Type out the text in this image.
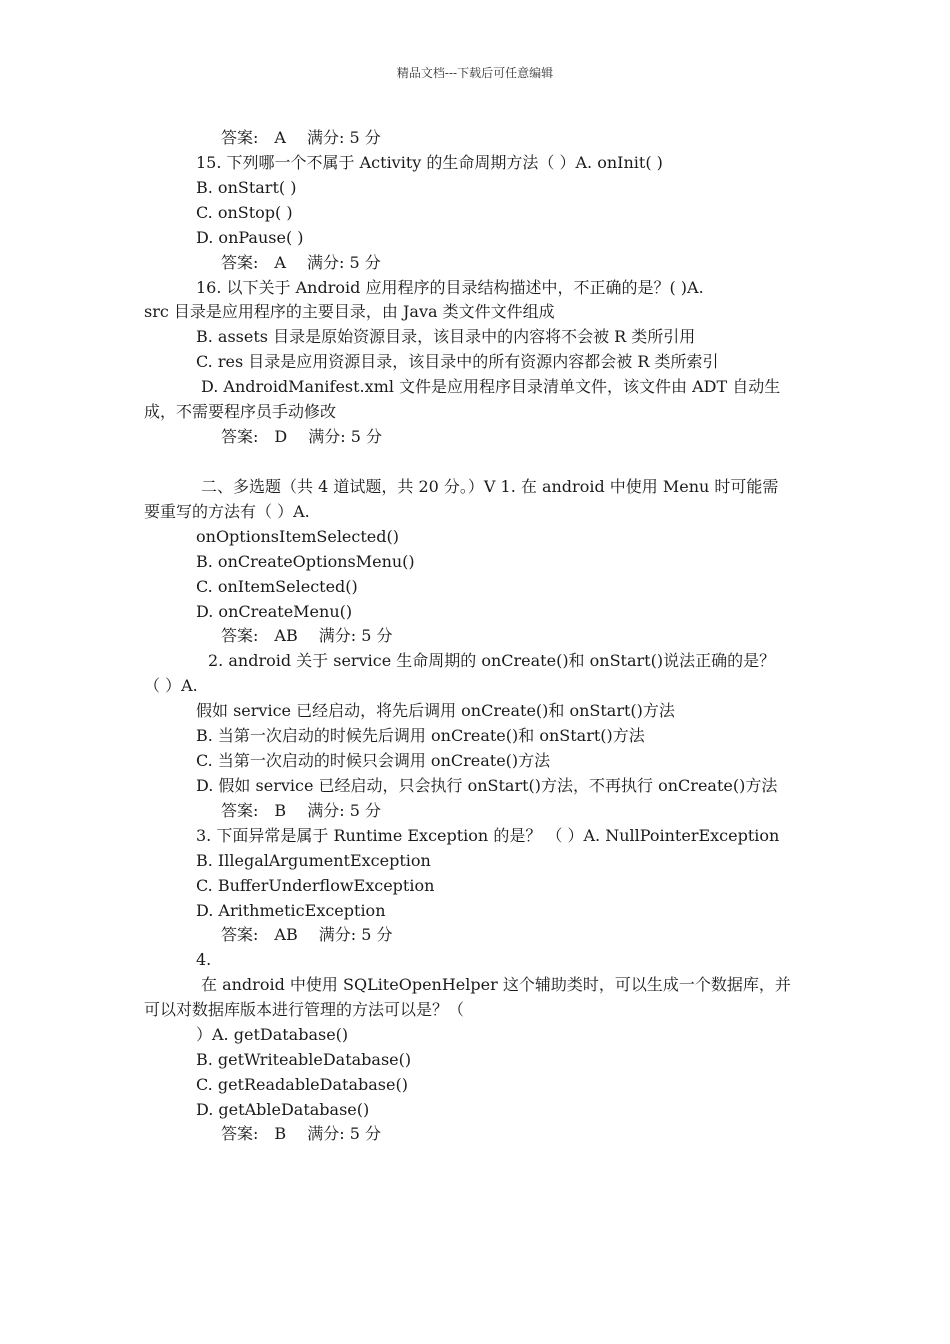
精品文档---下载后可任意编辑
答案:　A　 满分: 5 分
15. 下列哪一个不属于 Activity 的生命周期方法（ ）A. onInit( )
B. onStart( )
C. onStop( )
D. onPause( )
答案:　A　 满分: 5 分
16. 以下关于 Android 应用程序的目录结构描述中，不正确的是？( )A.
src 目录是应用程序的主要目录，由 Java 类文件文件组成
B. assets 目录是原始资源目录，该目录中的内容将不会被 R 类所引用
C. res 目录是应用资源目录，该目录中的所有资源内容都会被 R 类所索引
D. AndroidManifest.xml 文件是应用程序目录清单文件，该文件由 ADT 自动生
成，不需要程序员手动修改
答案:　D　 满分: 5 分
二、多选题（共 4 道试题，共 20 分。）V 1. 在 android 中使用 Menu 时可能需
要重写的方法有（ ）A.
onOptionsItemSelected()
B. onCreateOptionsMenu()
C. onItemSelected()
D. onCreateMenu()
答案:　AB　 满分: 5 分
2. android 关于 service 生命周期的 onCreate()和 onStart()说法正确的是？
（ ）A.
假如 service 已经启动，将先后调用 onCreate()和 onStart()方法
B. 当第一次启动的时候先后调用 onCreate()和 onStart()方法
C. 当第一次启动的时候只会调用 onCreate()方法
D. 假如 service 已经启动，只会执行 onStart()方法，不再执行 onCreate()方法
答案:　B　 满分: 5 分
3. 下面异常是属于 Runtime Exception 的是？ （ ）A. NullPointerException
B. IllegalArgumentException
C. BufferUnderflowException
D. ArithmeticException
答案:　AB　 满分: 5 分
4.
在 android 中使用 SQLiteOpenHelper 这个辅助类时，可以生成一个数据库，并
可以对数据库版本进行管理的方法可以是？（
）A. getDatabase()
B. getWriteableDatabase()
C. getReadableDatabase()
D. getAbleDatabase()
答案:　B　 满分: 5 分
